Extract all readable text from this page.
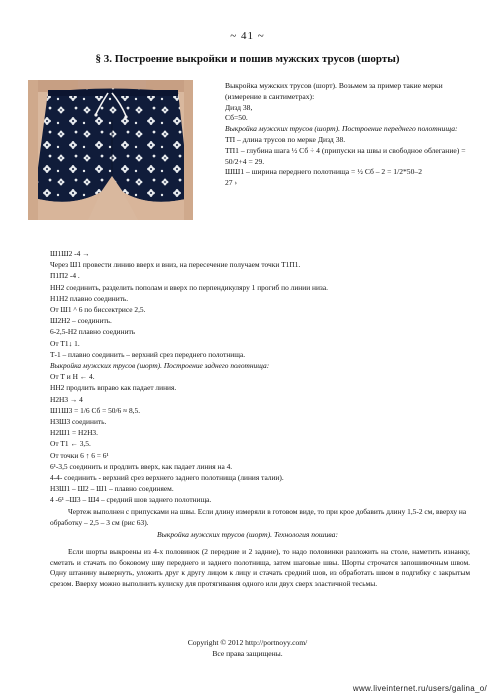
~ 41 ~
§ 3. Построение выкройки и пошив мужских трусов (шорты)

Выкройка мужских трусов (шорт). Возьмем за пример такие мерки (измерение в сантиметрах):

Дизд 38,

Сб=50.

Выкройка мужских трусов (шорт). Построение переднего полотнища:

ТП – длина трусов по мерке Дизд 38.

ТП1 – глубина шага ½ Сб ÷ 4 (припуски на швы и свободное облегание) = 50/2+4 = 29.

ШШ1 – ширина переднего полотнища = ½ Сб – 2 = 1/2*50–2

27 ›

Ш1Ш2 -4 →

Через Ш1 провести линию вверх и вниз, на пересечение получаем точки Т1П1.

П1П2 -4 .

НН2 соединить, разделить пополам и вверх по перпендикуляру 1 прогиб по линии низа.

Н1Н2 плавно соединить.

От Ш1 ^ 6 по биссектрисе 2,5.

Ш2Н2 – соединить.

6-2,5-Н2 плавно соединить

От Т1↓ 1.

Т-1 – плавно соединить – верхний срез переднего полотнища.

Выкройка мужских трусов (шорт). Построение заднего полотнища:

От Т и Н ← 4.

НН2 продлить вправо как падает линия.

Н2Н3 → 4

Ш1Ш3 = 1/6 Сб = 50/6 ≈ 8,5.

Н3Ш3 соединить.

Н2Ш1 = Н2Н3.

От Т1 ← 3,5.

От точки 6 ↑ 6 = 6¹

6¹-3,5 соединить и продлить вверх, как падает линия на 4.

4-4- соединить - верхний срез верхнего заднего полотнища (линия талии).

Н3Ш1 – Ш2 – Ш1 – плавно соединяем.

4 -6¹ –Ш3 – Ш4 – средний шов заднего полотнища.

Чертеж выполнен с припусками на швы. Если длину измеряли в готовом виде, то при крое добавить длину 1,5-2 см, вверху на обработку – 2,5 – 3 см (рис 63).

Выкройка мужских трусов (шорт). Технология пошива:

Если шорты выкроены из 4-х половинок (2 передние и 2 задние), то надо половинки разложить на столе, наметить изнанку, сметать и стачать по боковому шву переднего и заднего полотнища, затем шаговые швы. Шорты строчатся запошивочным швом. Одну штанину вывернуть, уложить друг к другу лицом к лицу и стачать средний шов, из обработать швом в подгибку с закрытым срезом. Вверху можно выполнить кулиску для протягивания одного или двух сверх эластичной тесьмы.

Copyright © 2012 http://portnoyy.com/

Все права защищены.

www.liveinternet.ru/users/galina_o/
